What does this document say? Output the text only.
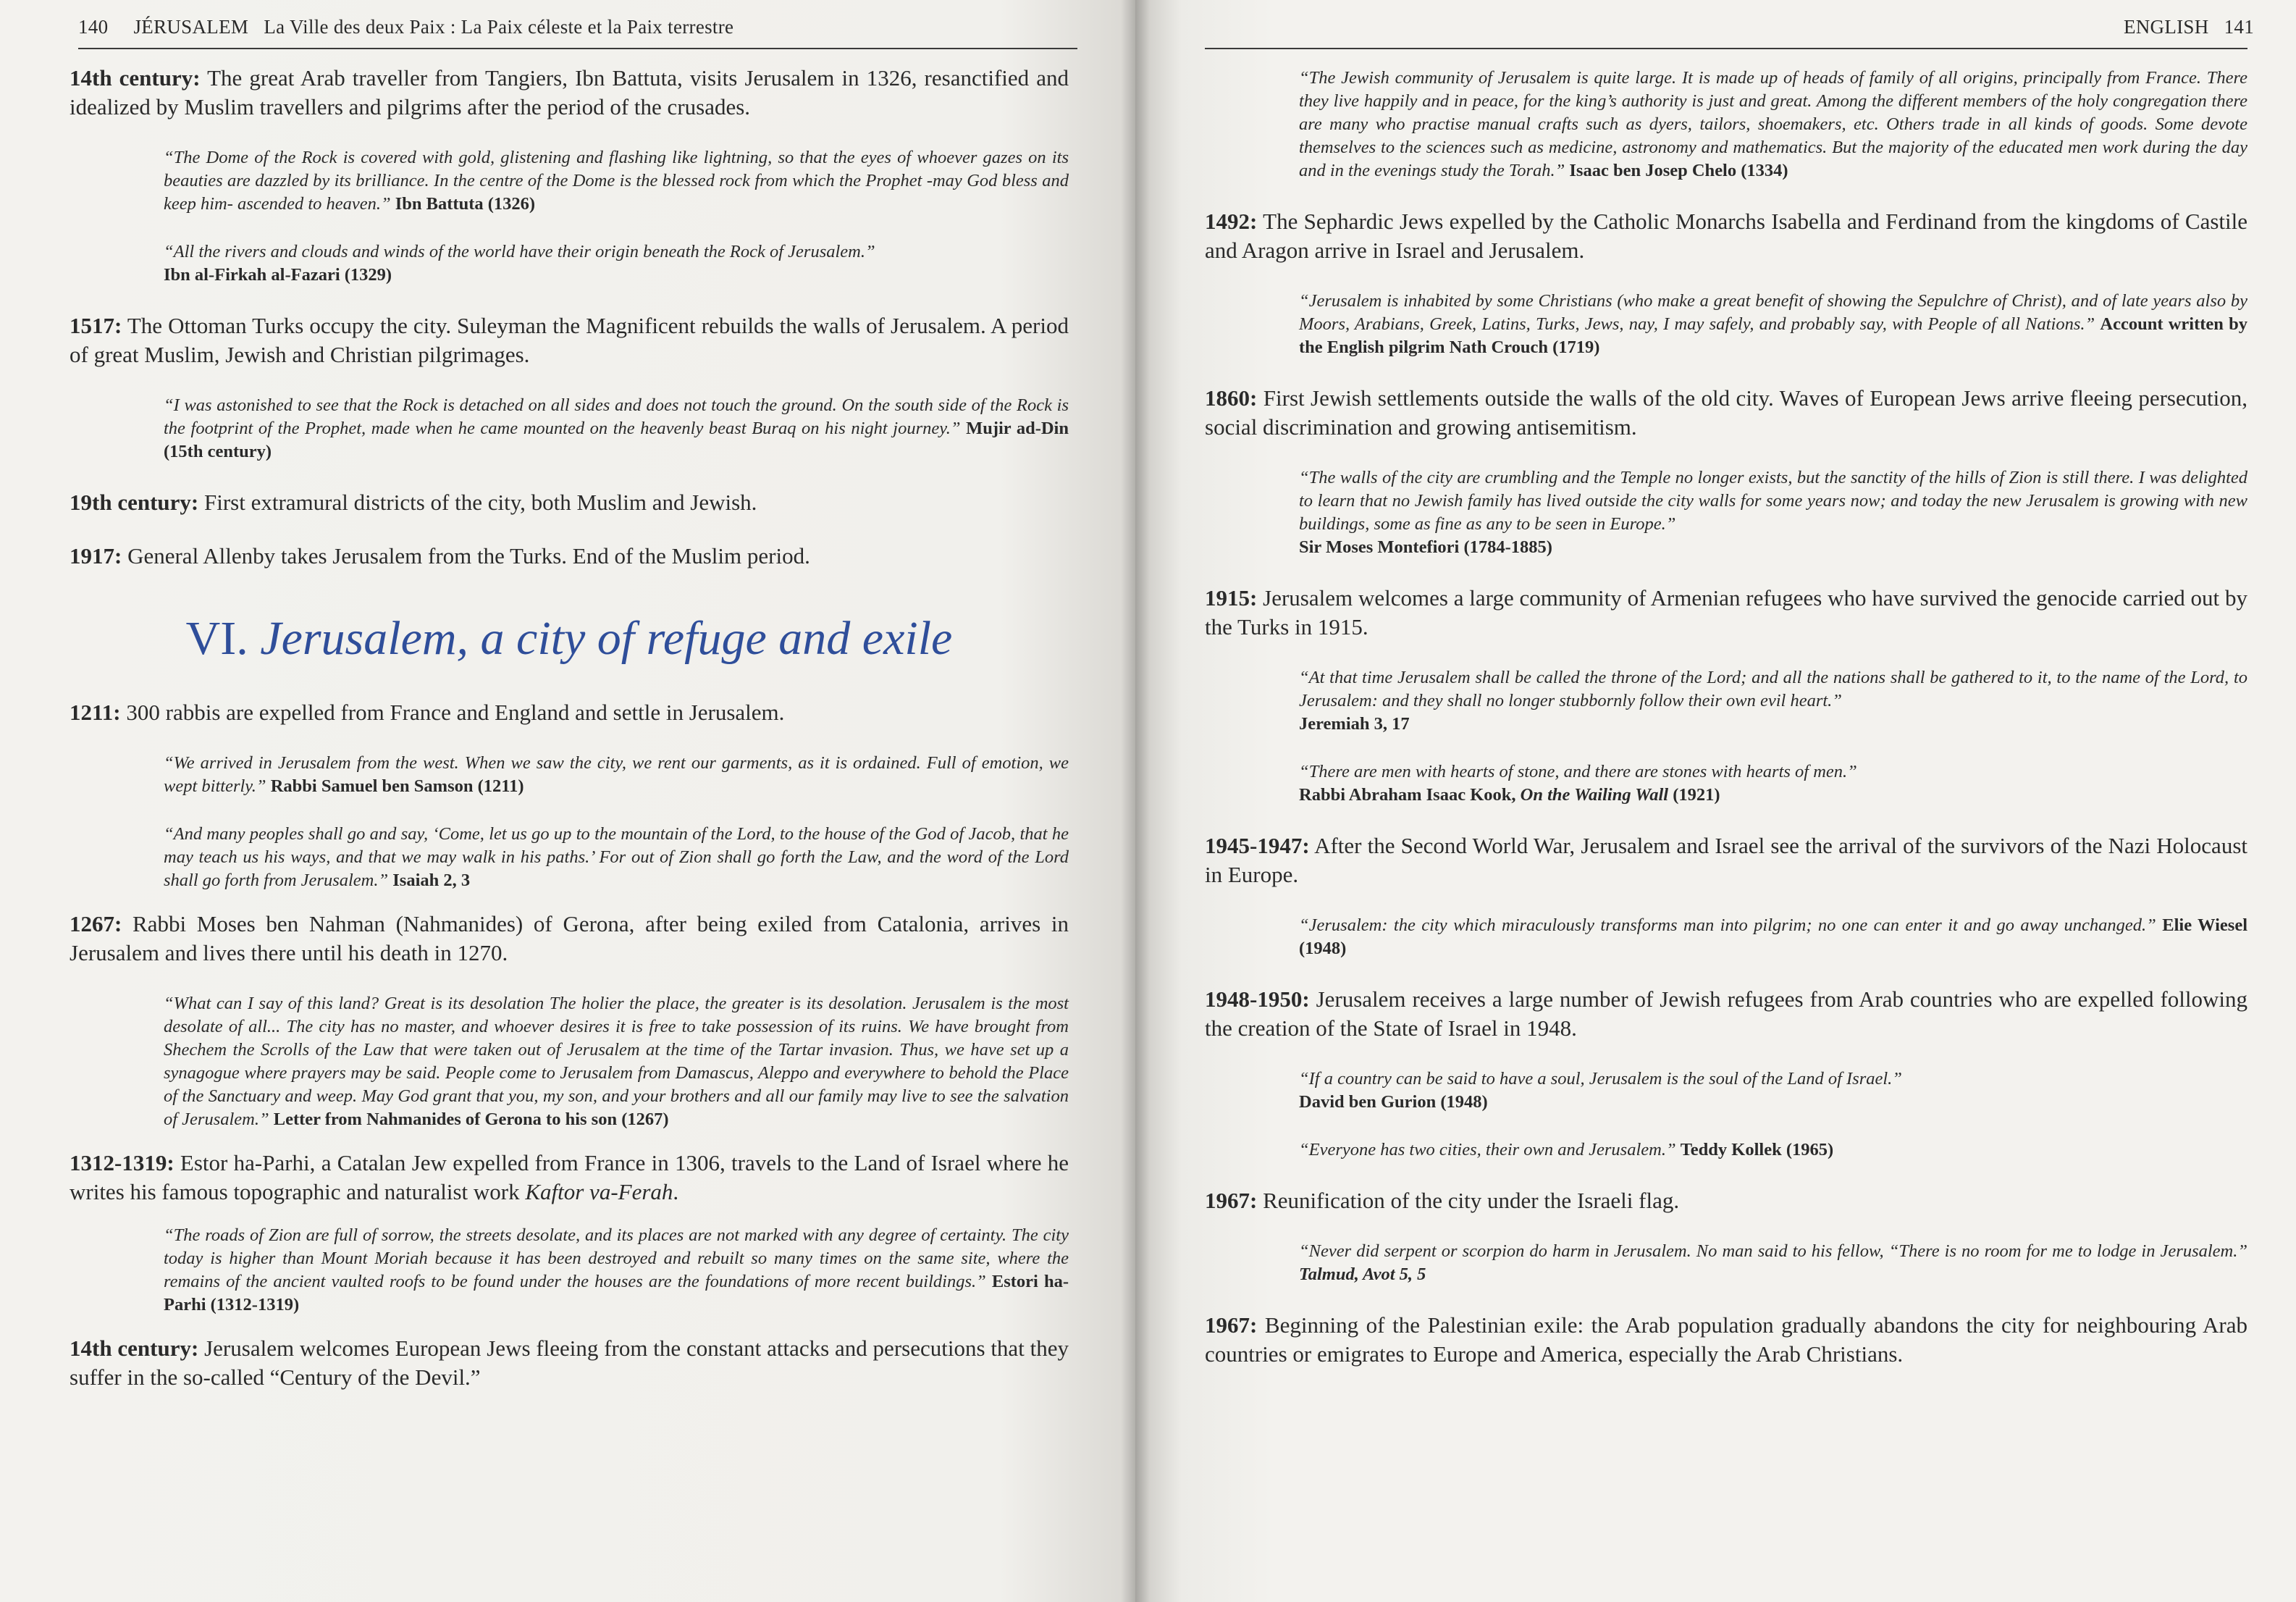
140 JÉRUSALEM   La Ville des deux Paix : La Paix céleste et la Paix terrestre

14th century: The great Arab traveller from Tangiers, Ibn Battuta, visits Jerusalem in 1326, resanctified and idealized by Muslim travellers and pilgrims after the period of the crusades.

“The Dome of the Rock is covered with gold, glistening and flashing like lightning, so that the eyes of whoever gazes on its beauties are dazzled by its brilliance. In the centre of the Dome is the blessed rock from which the Prophet -may God bless and keep him- ascended to heaven.” Ibn Battuta (1326)

“All the rivers and clouds and winds of the world have their origin beneath the Rock of Jerusalem.”
Ibn al-Firkah al-Fazari (1329)

1517: The Ottoman Turks occupy the city. Suleyman the Magnificent rebuilds the walls of Jerusalem. A period of great Muslim, Jewish and Christian pilgrimages.

“I was astonished to see that the Rock is detached on all sides and does not touch the ground. On the south side of the Rock is the footprint of the Prophet, made when he came mounted on the heavenly beast Buraq on his night journey.” Mujir ad-Din (15th century)

19th century: First extramural districts of the city, both Muslim and Jewish.

1917: General Allenby takes Jerusalem from the Turks. End of the Muslim period.

VI. Jerusalem, a city of refuge and exile

1211: 300 rabbis are expelled from France and England and settle in Jerusalem.

“We arrived in Jerusalem from the west. When we saw the city, we rent our garments, as it is ordained. Full of emotion, we wept bitterly.” Rabbi Samuel ben Samson (1211)

“And many peoples shall go and say, ‘Come, let us go up to the mountain of the Lord, to the house of the God of Jacob, that he may teach us his ways, and that we may walk in his paths.’ For out of Zion shall go forth the Law, and the word of the Lord shall go forth from Jerusalem.” Isaiah 2, 3

1267: Rabbi Moses ben Nahman (Nahmanides) of Gerona, after being exiled from Catalonia, arrives in Jerusalem and lives there until his death in 1270.

“What can I say of this land? Great is its desolation The holier the place, the greater is its desolation. Jerusalem is the most desolate of all... The city has no master, and whoever desires it is free to take possession of its ruins. We have brought from Shechem the Scrolls of the Law that were taken out of Jerusalem at the time of the Tartar invasion. Thus, we have set up a synagogue where prayers may be said. People come to Jerusalem from Damascus, Aleppo and everywhere to behold the Place of the Sanctuary and weep. May God grant that you, my son, and your brothers and all our family may live to see the salvation of Jerusalem.” Letter from Nahmanides of Gerona to his son (1267)

1312-1319: Estor ha-Parhi, a Catalan Jew expelled from France in 1306, travels to the Land of Israel where he writes his famous topographic and naturalist work Kaftor va-Ferah.

“The roads of Zion are full of sorrow, the streets desolate, and its places are not marked with any degree of certainty. The city today is higher than Mount Moriah because it has been destroyed and rebuilt so many times on the same site, where the remains of the ancient vaulted roofs to be found under the houses are the foundations of more recent buildings.” Estori ha-Parhi (1312-1319)

14th century: Jerusalem welcomes European Jews fleeing from the constant attacks and persecutions that they suffer in the so-called “Century of the Devil.”

ENGLISH 141

“The Jewish community of Jerusalem is quite large. It is made up of heads of family of all origins, principally from France. There they live happily and in peace, for the king’s authority is just and great. Among the different members of the holy congregation there are many who practise manual crafts such as dyers, tailors, shoemakers, etc. Others trade in all kinds of goods. Some devote themselves to the sciences such as medicine, astronomy and mathematics. But the majority of the educated men work during the day and in the evenings study the Torah.” Isaac ben Josep Chelo (1334)

1492: The Sephardic Jews expelled by the Catholic Monarchs Isabella and Ferdinand from the kingdoms of Castile and Aragon arrive in Israel and Jerusalem.

“Jerusalem is inhabited by some Christians (who make a great benefit of showing the Sepulchre of Christ), and of late years also by Moors, Arabians, Greek, Latins, Turks, Jews, nay, I may safely, and probably say, with People of all Nations.” Account written by the English pilgrim Nath Crouch (1719)

1860: First Jewish settlements outside the walls of the old city. Waves of European Jews arrive fleeing persecution, social discrimination and growing antisemitism.

“The walls of the city are crumbling and the Temple no longer exists, but the sanctity of the hills of Zion is still there. I was delighted to learn that no Jewish family has lived outside the city walls for some years now; and today the new Jerusalem is growing with new buildings, some as fine as any to be seen in Europe.”
Sir Moses Montefiori (1784-1885)

1915: Jerusalem welcomes a large community of Armenian refugees who have survived the genocide carried out by the Turks in 1915.

“At that time Jerusalem shall be called the throne of the Lord; and all the nations shall be gathered to it, to the name of the Lord, to Jerusalem: and they shall no longer stubbornly follow their own evil heart.”
Jeremiah 3, 17

“There are men with hearts of stone, and there are stones with hearts of men.”
Rabbi Abraham Isaac Kook, On the Wailing Wall (1921)

1945-1947: After the Second World War, Jerusalem and Israel see the arrival of the survivors of the Nazi Holocaust in Europe.

“Jerusalem: the city which miraculously transforms man into pilgrim; no one can enter it and go away unchanged.” Elie Wiesel (1948)

1948-1950: Jerusalem receives a large number of Jewish refugees from Arab countries who are expelled following the creation of the State of Israel in 1948.

“If a country can be said to have a soul, Jerusalem is the soul of the Land of Israel.”
David ben Gurion (1948)

“Everyone has two cities, their own and Jerusalem.” Teddy Kollek (1965)

1967: Reunification of the city under the Israeli flag.

“Never did serpent or scorpion do harm in Jerusalem. No man said to his fellow, “There is no room for me to lodge in Jerusalem.” Talmud, Avot 5, 5

1967: Beginning of the Palestinian exile: the Arab population gradually abandons the city for neighbouring Arab countries or emigrates to Europe and America, especially the Arab Christians.
